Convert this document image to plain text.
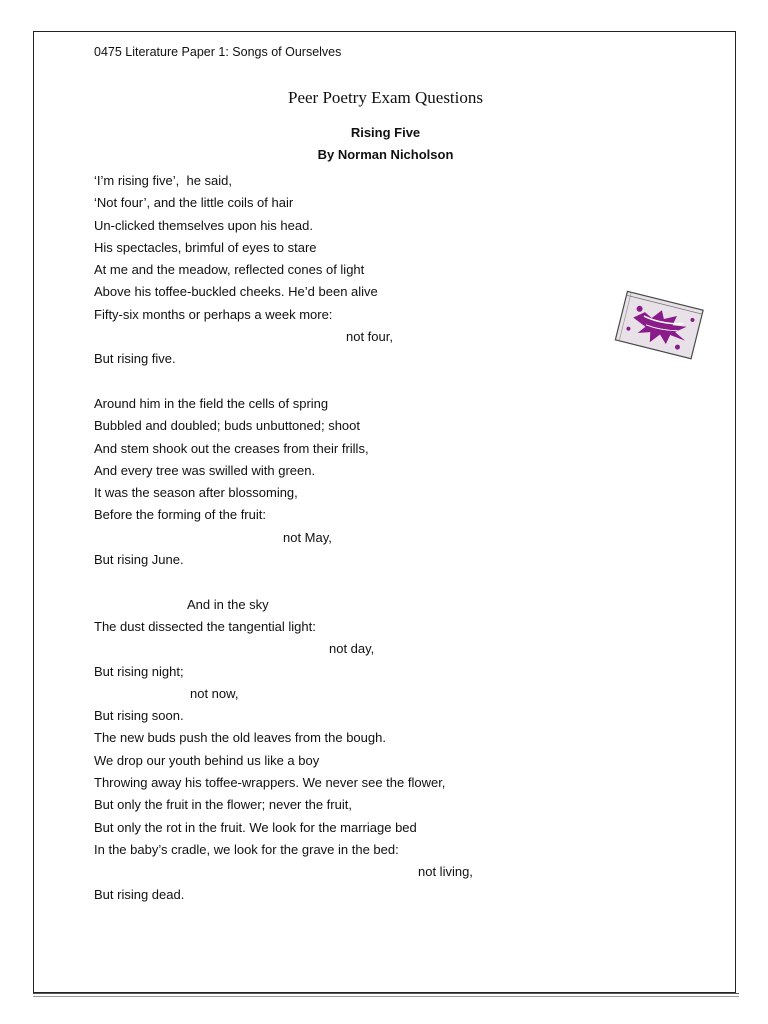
0475 Literature Paper 1: Songs of Ourselves
Peer Poetry Exam Questions
Rising Five
By Norman Nicholson
‘I’m rising five’,  he said,
‘Not four’, and the little coils of hair
Un-clicked themselves upon his head.
His spectacles, brimful of eyes to stare
At me and the meadow, reflected cones of light
Above his toffee-buckled cheeks. He’d been alive
Fifty-six months or perhaps a week more:
not four,
But rising five.
Around him in the field the cells of spring
Bubbled and doubled; buds unbuttoned; shoot
And stem shook out the creases from their frills,
And every tree was swilled with green.
It was the season after blossoming,
Before the forming of the fruit:
not May,
But rising June.
And in the sky
The dust dissected the tangential light:
not day,
But rising night;
not now,
But rising soon.
The new buds push the old leaves from the bough.
We drop our youth behind us like a boy
Throwing away his toffee-wrappers. We never see the flower,
But only the fruit in the flower; never the fruit,
But only the rot in the fruit. We look for the marriage bed
In the baby’s cradle, we look for the grave in the bed:
not living,
But rising dead.
